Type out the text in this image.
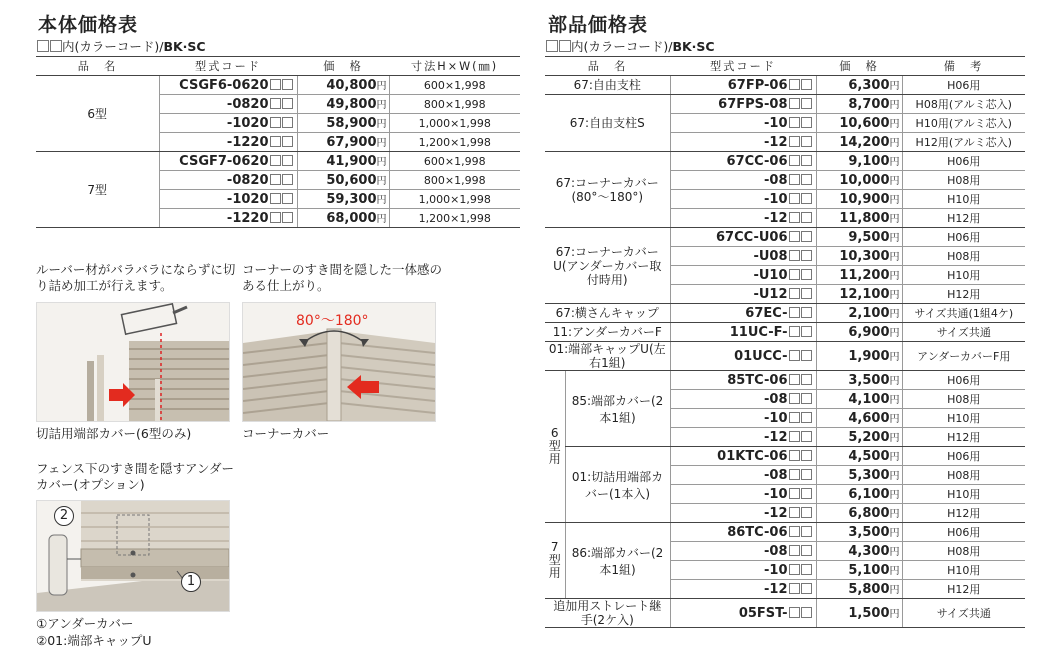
本体価格表
内(カラーコード)/BK·SC
品　名	型式コード	価　格	寸法H×W(㎜)
6型	CSGF6-0620	40,800円	600×1,998
	-0820	49,800円	800×1,998
	-1020	58,900円	1,000×1,998
	-1220	67,900円	1,200×1,998
7型	CSGF7-0620	41,900円	600×1,998
	-0820	50,600円	800×1,998
	-1020	59,300円	1,000×1,998
	-1220	68,000円	1,200×1,998
ルーバー材がバラバラにならずに切り詰め加工が行えます。
コーナーのすき間を隠した一体感のある仕上がり。
80°〜180°
切詰用端部カバー(6型のみ)	コーナーカバー
フェンス下のすき間を隠すアンダーカバー(オプション)
2
1
①アンダーカバー
②01:端部キャップU
部品価格表
内(カラーコード)/BK·SC
品　名		型式コード	価　格	備　考
67:自由支柱		67FP-06	6,300円	H06用
67:自由支柱S		67FPS-08	8,700円	H08用(アルミ芯入)
		-10	10,600円	H10用(アルミ芯入)
		-12	14,200円	H12用(アルミ芯入)
67:コーナーカバー(80°〜180°)		67CC-06	9,100円	H06用
		-08	10,000円	H08用
		-10	10,900円	H10用
		-12	11,800円	H12用
67:コーナーカバーU(アンダーカバー取付時用)		67CC-U06	9,500円	H06用
		-U08	10,300円	H08用
		-U10	11,200円	H10用
		-U12	12,100円	H12用
67:横さんキャップ		67EC-	2,100円	サイズ共通(1組4ケ)
11:アンダーカバーF		11UC-F-	6,900円	サイズ共通
01:端部キャップU(左右1組)		01UCC-	1,900円	アンダーカバーF用
6型用	85:端部カバー(2本1組)	85TC-06	3,500円	H06用
		-08	4,100円	H08用
		-10	4,600円	H10用
		-12	5,200円	H12用
	01:切詰用端部カバー(1本入)	01KTC-06	4,500円	H06用
		-08	5,300円	H08用
		-10	6,100円	H10用
		-12	6,800円	H12用
7型用	86:端部カバー(2本1組)	86TC-06	3,500円	H06用
		-08	4,300円	H08用
		-10	5,100円	H10用
		-12	5,800円	H12用
追加用ストレート継手(2ケ入)		05FST-	1,500円	サイズ共通
